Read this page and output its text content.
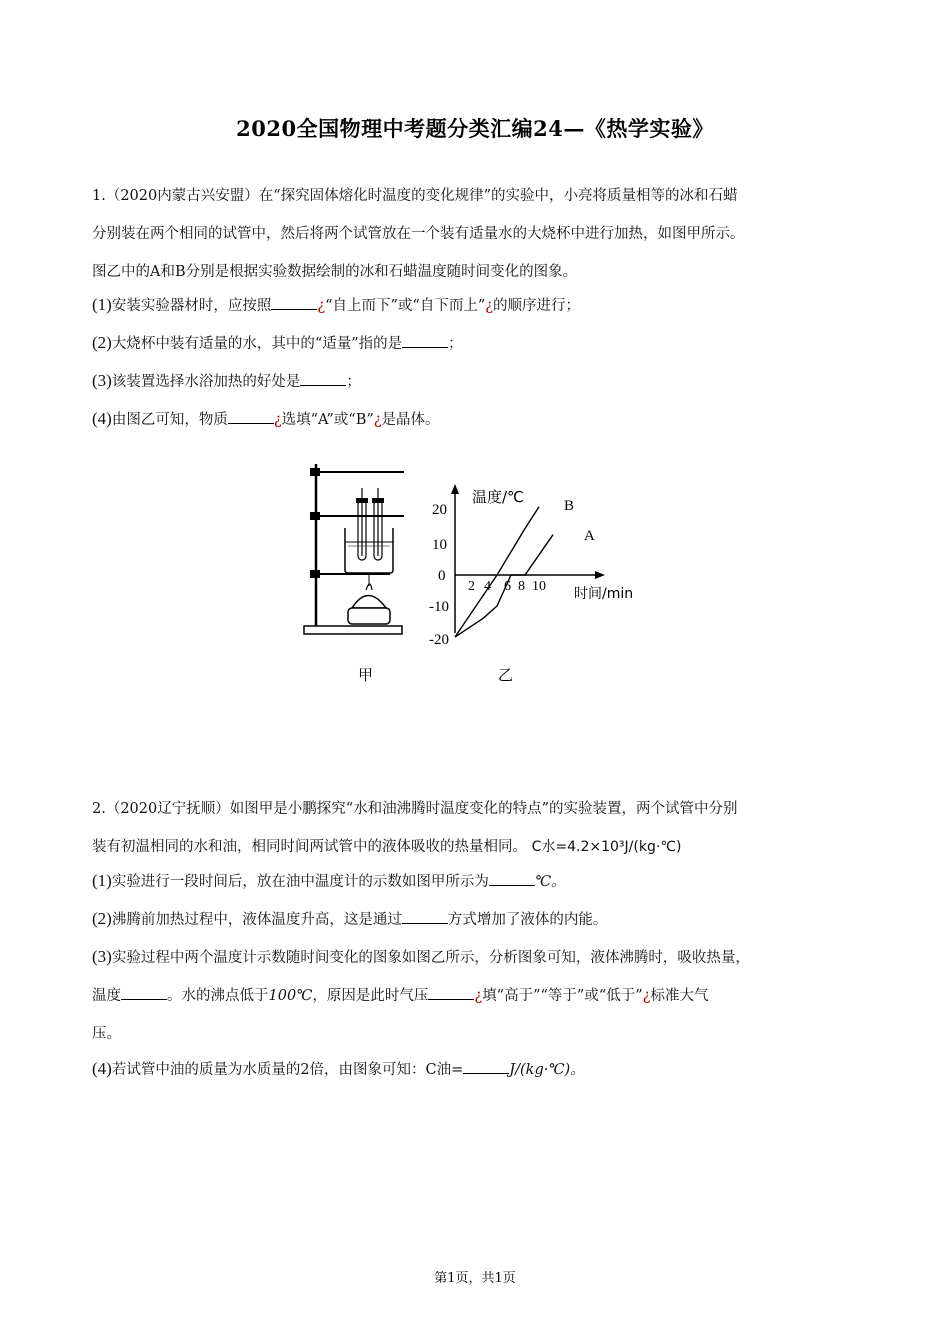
2020全国物理中考题分类汇编24—《热学实验》
1.（2020内蒙古兴安盟）在“探究固体熔化时温度的变化规律”的实验中，小亮将质量相等的冰和石蜡
分别装在两个相同的试管中，然后将两个试管放在一个装有适量水的大烧杯中进行加热，如图甲所示。
图乙中的A和B分别是根据实验数据绘制的冰和石蜡温度随时间变化的图象。
(1)安装实验器材时，应按照	¿“自上而下”或“自下而上”¿的顺序进行；
(2)大烧杯中装有适量的水，其中的“适量”指的是	；
(3)该装置选择水浴加热的好处是	；
(4)由图乙可知，物质	¿选填“A”或“B”¿是晶体。
温度/℃
时间/min
20
10
0
-10
-20
2 4 6 8 10
B
A
甲	乙
2.（2020辽宁抚顺）如图甲是小鹏探究“水和油沸腾时温度变化的特点”的实验装置，两个试管中分别
装有初温相同的水和油，相同时间两试管中的液体吸收的热量相同。 C水=4.2×10³J/(kg·℃)
(1)实验进行一段时间后，放在油中温度计的示数如图甲所示为	℃。
(2)沸腾前加热过程中，液体温度升高，这是通过	方式增加了液体的内能。
(3)实验过程中两个温度计示数随时间变化的图象如图乙所示，分析图象可知，液体沸腾时，吸收热量，
温度	。水的沸点低于100℃，原因是此时气压	¿填“高于”“等于”或“低于”¿标准大气
压。
(4)若试管中油的质量为水质量的2倍，由图象可知：C油=	J/(kg·℃)。
第1页，共1页
